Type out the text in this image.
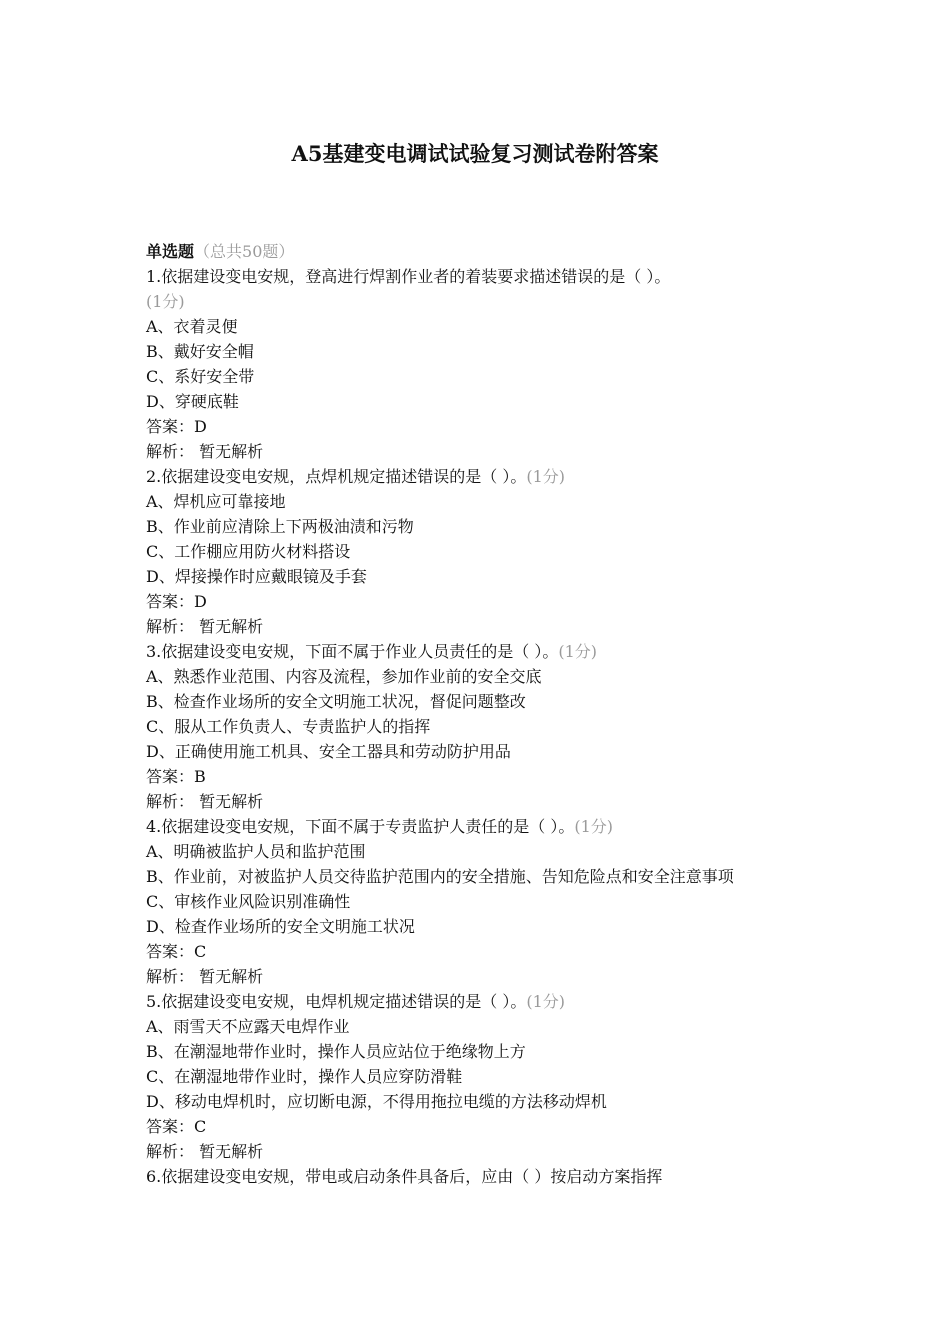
A5基建变电调试试验复习测试卷附答案
单选题（总共50题）
1.依据建设变电安规，登高进行焊割作业者的着装要求描述错误的是（ ）。
(1分)
A、衣着灵便
B、戴好安全帽
C、系好安全带
D、穿硬底鞋
答案：D
解析： 暂无解析
2.依据建设变电安规，点焊机规定描述错误的是（ ）。(1分)
A、焊机应可靠接地
B、作业前应清除上下两极油渍和污物
C、工作棚应用防火材料搭设
D、焊接操作时应戴眼镜及手套
答案：D
解析： 暂无解析
3.依据建设变电安规，下面不属于作业人员责任的是（ ）。(1分)
A、熟悉作业范围、内容及流程，参加作业前的安全交底
B、检查作业场所的安全文明施工状况，督促问题整改
C、服从工作负责人、专责监护人的指挥
D、正确使用施工机具、安全工器具和劳动防护用品
答案：B
解析： 暂无解析
4.依据建设变电安规，下面不属于专责监护人责任的是（ ）。(1分)
A、明确被监护人员和监护范围
B、作业前，对被监护人员交待监护范围内的安全措施、告知危险点和安全注意事项
C、审核作业风险识别准确性
D、检查作业场所的安全文明施工状况
答案：C
解析： 暂无解析
5.依据建设变电安规，电焊机规定描述错误的是（ ）。(1分)
A、雨雪天不应露天电焊作业
B、在潮湿地带作业时，操作人员应站位于绝缘物上方
C、在潮湿地带作业时，操作人员应穿防滑鞋
D、移动电焊机时，应切断电源，不得用拖拉电缆的方法移动焊机
答案：C
解析： 暂无解析
6.依据建设变电安规，带电或启动条件具备后，应由（ ）按启动方案指挥
